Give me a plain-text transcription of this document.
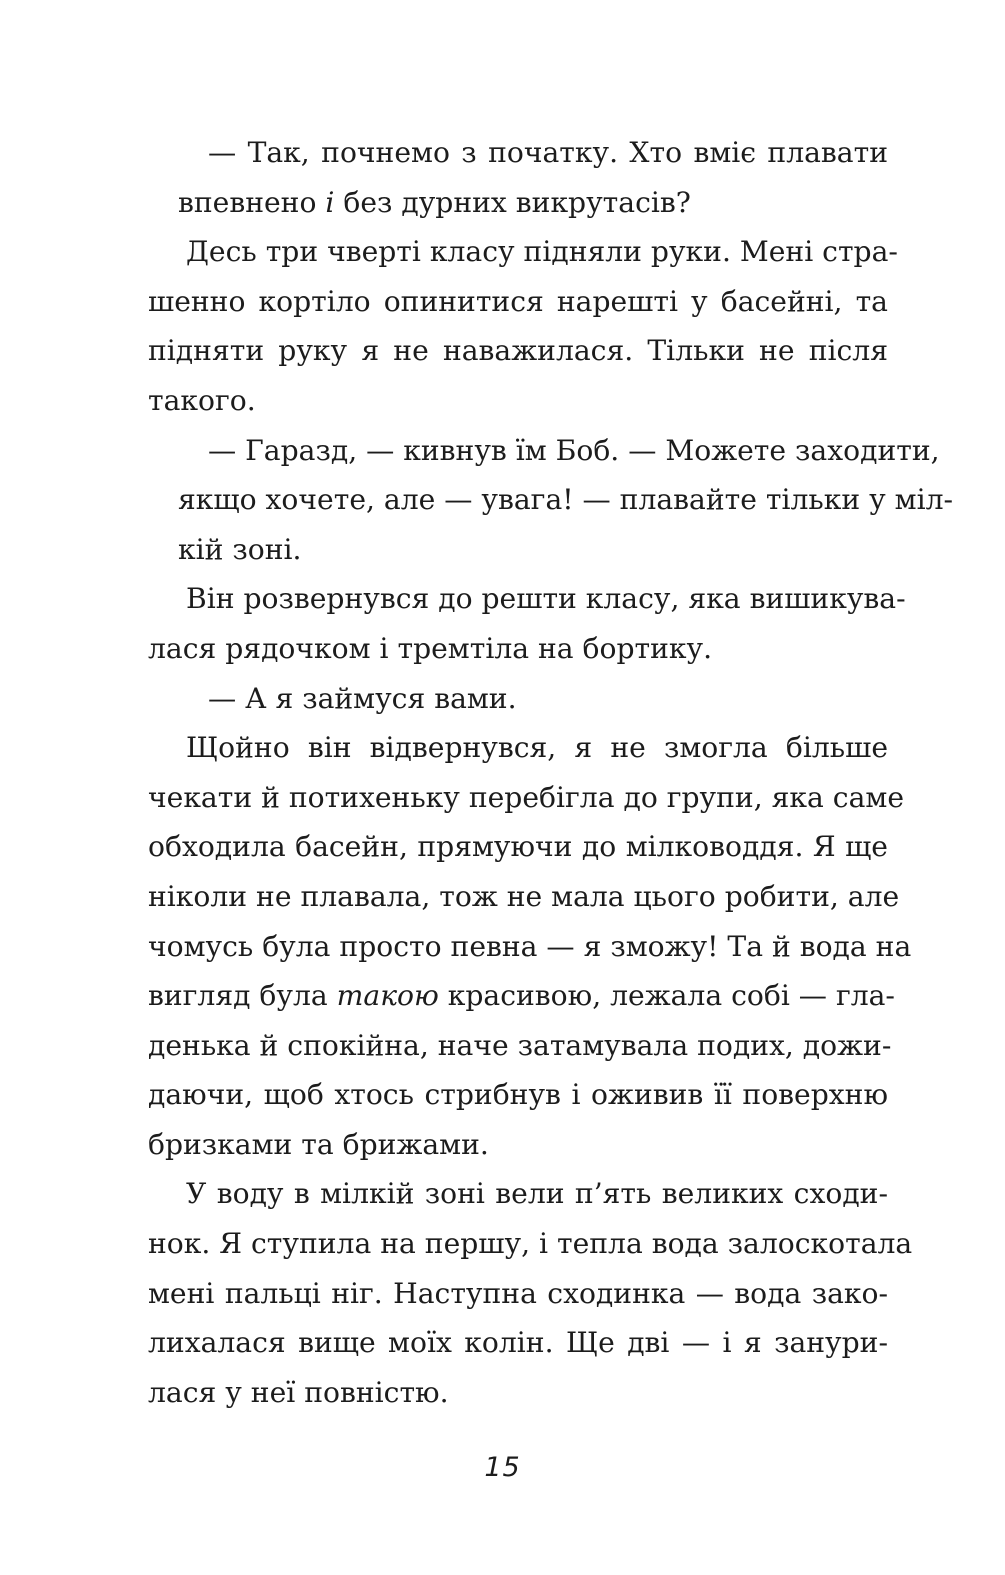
— Так, почнемо з початку. Хто вміє плавати
впевнено і без дурних викрутасів?
Десь три чверті класу підняли руки. Мені стра-
шенно кортіло опинитися нарешті у басейні, та
підняти руку я не наважилася. Тільки не після
такого.
— Гаразд, — кивнув їм Боб. — Можете заходити,
якщо хочете, але — увага! — плавайте тільки у міл-
кій зоні.
Він розвернувся до решти класу, яка вишикува-
лася рядочком і тремтіла на бортику.
— А я займуся вами.
Щойно він відвернувся, я не змогла більше
чекати й потихеньку перебігла до групи, яка саме
обходила басейн, прямуючи до мілководдя. Я ще
ніколи не плавала, тож не мала цього робити, але
чомусь була просто певна — я зможу! Та й вода на
вигляд була такою красивою, лежала собі — гла-
денька й спокійна, наче затамувала подих, дожи-
даючи, щоб хтось стрибнув і оживив її поверхню
бризками та брижами.
У воду в мілкій зоні вели п’ять великих сходи-
нок. Я ступила на першу, і тепла вода залоскотала
мені пальці ніг. Наступна сходинка — вода зако-
лихалася вище моїх колін. Ще дві — і я занури-
лася у неї повністю.
15
